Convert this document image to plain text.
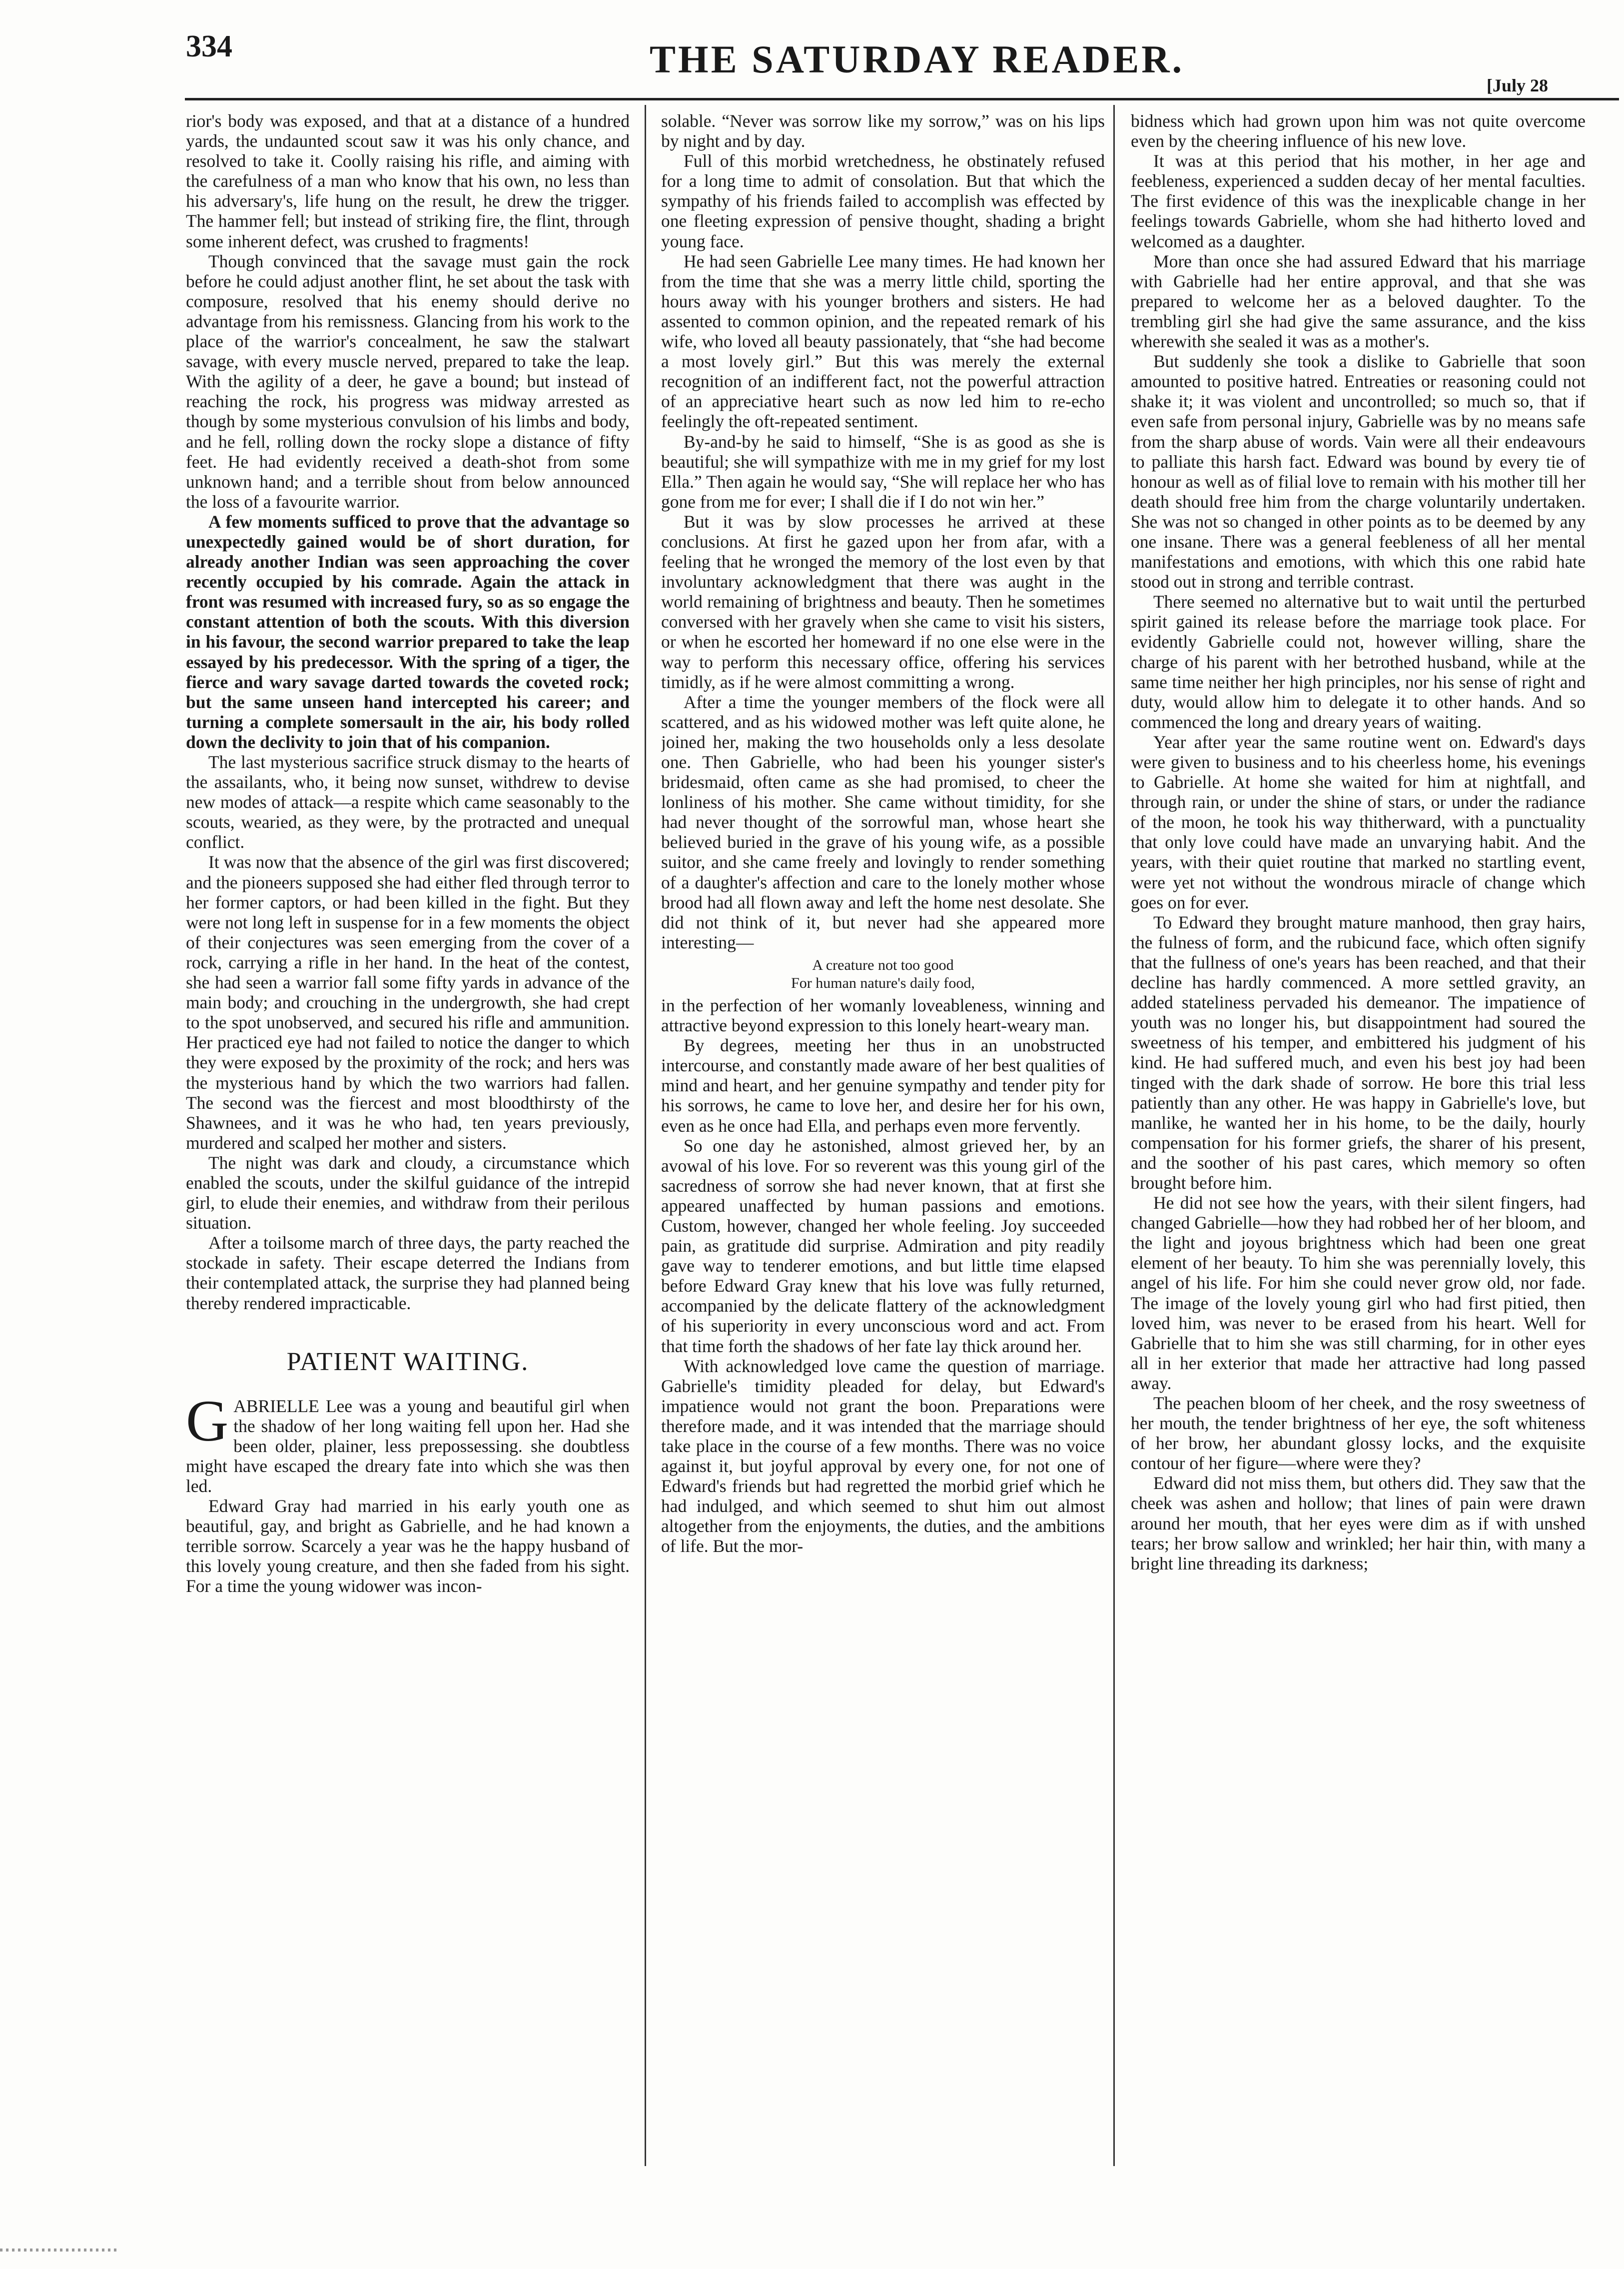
334	THE SATURDAY READER.
[July 28

rior's body was exposed, and that at a distance of a hundred yards, the undaunted scout saw it was his only chance, and resolved to take it. Coolly raising his rifle, and aiming with the carefulness of a man who know that his own, no less than his adversary's, life hung on the result, he drew the trigger. The hammer fell; but instead of striking fire, the flint, through some inherent defect, was crushed to fragments!

Though convinced that the savage must gain the rock before he could adjust another flint, he set about the task with composure, resolved that his enemy should derive no advantage from his remissness. Glancing from his work to the place of the warrior's concealment, he saw the stalwart savage, with every muscle nerved, prepared to take the leap. With the agility of a deer, he gave a bound; but instead of reaching the rock, his progress was midway arrested as though by some mysterious convulsion of his limbs and body, and he fell, rolling down the rocky slope a distance of fifty feet. He had evidently received a death-shot from some unknown hand; and a terrible shout from below announced the loss of a favourite warrior.

A few moments sufficed to prove that the advantage so unexpectedly gained would be of short duration, for already another Indian was seen approaching the cover recently occupied by his comrade. Again the attack in front was resumed with increased fury, so as so engage the constant attention of both the scouts. With this diversion in his favour, the second warrior prepared to take the leap essayed by his predecessor. With the spring of a tiger, the fierce and wary savage darted towards the coveted rock; but the same unseen hand intercepted his career; and turning a complete somersault in the air, his body rolled down the declivity to join that of his companion.

The last mysterious sacrifice struck dismay to the hearts of the assailants, who, it being now sunset, withdrew to devise new modes of attack—a respite which came seasonably to the scouts, wearied, as they were, by the protracted and unequal conflict.

It was now that the absence of the girl was first discovered; and the pioneers supposed she had either fled through terror to her former captors, or had been killed in the fight. But they were not long left in suspense for in a few moments the object of their conjectures was seen emerging from the cover of a rock, carrying a rifle in her hand. In the heat of the contest, she had seen a warrior fall some fifty yards in advance of the main body; and crouching in the undergrowth, she had crept to the spot unobserved, and secured his rifle and ammunition. Her practiced eye had not failed to notice the danger to which they were exposed by the proximity of the rock; and hers was the mysterious hand by which the two warriors had fallen. The second was the fiercest and most bloodthirsty of the Shawnees, and it was he who had, ten years previously, murdered and scalped her mother and sisters.

The night was dark and cloudy, a circumstance which enabled the scouts, under the skilful guidance of the intrepid girl, to elude their enemies, and withdraw from their perilous situation.

After a toilsome march of three days, the party reached the stockade in safety. Their escape deterred the Indians from their contemplated attack, the surprise they had planned being thereby rendered impracticable.

PATIENT WAITING.

GABRIELLE Lee was a young and beautiful girl when the shadow of her long waiting fell upon her. Had she been older, plainer, less prepossessing. she doubtless might have escaped the dreary fate into which she was then led.

Edward Gray had married in his early youth one as beautiful, gay, and bright as Gabrielle, and he had known a terrible sorrow. Scarcely a year was he the happy husband of this lovely young creature, and then she faded from his sight. For a time the young widower was incon-

solable. “Never was sorrow like my sorrow,” was on his lips by night and by day.

Full of this morbid wretchedness, he obstinately refused for a long time to admit of consolation. But that which the sympathy of his friends failed to accomplish was effected by one fleeting expression of pensive thought, shading a bright young face.

He had seen Gabrielle Lee many times. He had known her from the time that she was a merry little child, sporting the hours away with his younger brothers and sisters. He had assented to common opinion, and the repeated remark of his wife, who loved all beauty passionately, that “she had become a most lovely girl.” But this was merely the external recognition of an indifferent fact, not the powerful attraction of an appreciative heart such as now led him to re-echo feelingly the oft-repeated sentiment.

By-and-by he said to himself, “She is as good as she is beautiful; she will sympathize with me in my grief for my lost Ella.” Then again he would say, “She will replace her who has gone from me for ever; I shall die if I do not win her.”

But it was by slow processes he arrived at these conclusions. At first he gazed upon her from afar, with a feeling that he wronged the memory of the lost even by that involuntary acknowledgment that there was aught in the world remaining of brightness and beauty. Then he sometimes conversed with her gravely when she came to visit his sisters, or when he escorted her homeward if no one else were in the way to perform this necessary office, offering his services timidly, as if he were almost committing a wrong.

After a time the younger members of the flock were all scattered, and as his widowed mother was left quite alone, he joined her, making the two households only a less desolate one. Then Gabrielle, who had been his younger sister's bridesmaid, often came as she had promised, to cheer the lonliness of his mother. She came without timidity, for she had never thought of the sorrowful man, whose heart she believed buried in the grave of his young wife, as a possible suitor, and she came freely and lovingly to render something of a daughter's affection and care to the lonely mother whose brood had all flown away and left the home nest desolate. She did not think of it, but never had she appeared more interesting—

A creature not too good
For human nature's daily food,

in the perfection of her womanly loveableness, winning and attractive beyond expression to this lonely heart-weary man.

By degrees, meeting her thus in an unobstructed intercourse, and constantly made aware of her best qualities of mind and heart, and her genuine sympathy and tender pity for his sorrows, he came to love her, and desire her for his own, even as he once had Ella, and perhaps even more fervently.

So one day he astonished, almost grieved her, by an avowal of his love. For so reverent was this young girl of the sacredness of sorrow she had never known, that at first she appeared unaffected by human passions and emotions. Custom, however, changed her whole feeling. Joy succeeded pain, as gratitude did surprise. Admiration and pity readily gave way to tenderer emotions, and but little time elapsed before Edward Gray knew that his love was fully returned, accompanied by the delicate flattery of the acknowledgment of his superiority in every unconscious word and act. From that time forth the shadows of her fate lay thick around her.

With acknowledged love came the question of marriage. Gabrielle's timidity pleaded for delay, but Edward's impatience would not grant the boon. Preparations were therefore made, and it was intended that the marriage should take place in the course of a few months. There was no voice against it, but joyful approval by every one, for not one of Edward's friends but had regretted the morbid grief which he had indulged, and which seemed to shut him out almost altogether from the enjoyments, the duties, and the ambitions of life. But the mor-

bidness which had grown upon him was not quite overcome even by the cheering influence of his new love.

It was at this period that his mother, in her age and feebleness, experienced a sudden decay of her mental faculties. The first evidence of this was the inexplicable change in her feelings towards Gabrielle, whom she had hitherto loved and welcomed as a daughter.

More than once she had assured Edward that his marriage with Gabrielle had her entire approval, and that she was prepared to welcome her as a beloved daughter. To the trembling girl she had give the same assurance, and the kiss wherewith she sealed it was as a mother's.

But suddenly she took a dislike to Gabrielle that soon amounted to positive hatred. Entreaties or reasoning could not shake it; it was violent and uncontrolled; so much so, that if even safe from personal injury, Gabrielle was by no means safe from the sharp abuse of words. Vain were all their endeavours to palliate this harsh fact. Edward was bound by every tie of honour as well as of filial love to remain with his mother till her death should free him from the charge voluntarily undertaken. She was not so changed in other points as to be deemed by any one insane. There was a general feebleness of all her mental manifestations and emotions, with which this one rabid hate stood out in strong and terrible contrast.

There seemed no alternative but to wait until the perturbed spirit gained its release before the marriage took place. For evidently Gabrielle could not, however willing, share the charge of his parent with her betrothed husband, while at the same time neither her high principles, nor his sense of right and duty, would allow him to delegate it to other hands. And so commenced the long and dreary years of waiting.

Year after year the same routine went on. Edward's days were given to business and to his cheerless home, his evenings to Gabrielle. At home she waited for him at nightfall, and through rain, or under the shine of stars, or under the radiance of the moon, he took his way thitherward, with a punctuality that only love could have made an unvarying habit. And the years, with their quiet routine that marked no startling event, were yet not without the wondrous miracle of change which goes on for ever.

To Edward they brought mature manhood, then gray hairs, the fulness of form, and the rubicund face, which often signify that the fullness of one's years has been reached, and that their decline has hardly commenced. A more settled gravity, an added stateliness pervaded his demeanor. The impatience of youth was no longer his, but disappointment had soured the sweetness of his temper, and embittered his judgment of his kind. He had suffered much, and even his best joy had been tinged with the dark shade of sorrow. He bore this trial less patiently than any other. He was happy in Gabrielle's love, but manlike, he wanted her in his home, to be the daily, hourly compensation for his former griefs, the sharer of his present, and the soother of his past cares, which memory so often brought before him.

He did not see how the years, with their silent fingers, had changed Gabrielle—how they had robbed her of her bloom, and the light and joyous brightness which had been one great element of her beauty. To him she was perennially lovely, this angel of his life. For him she could never grow old, nor fade. The image of the lovely young girl who had first pitied, then loved him, was never to be erased from his heart. Well for Gabrielle that to him she was still charming, for in other eyes all in her exterior that made her attractive had long passed away.

The peachen bloom of her cheek, and the rosy sweetness of her mouth, the tender brightness of her eye, the soft whiteness of her brow, her abundant glossy locks, and the exquisite contour of her figure—where were they?

Edward did not miss them, but others did. They saw that the cheek was ashen and hollow; that lines of pain were drawn around her mouth, that her eyes were dim as if with unshed tears; her brow sallow and wrinkled; her hair thin, with many a bright line threading its darkness;
